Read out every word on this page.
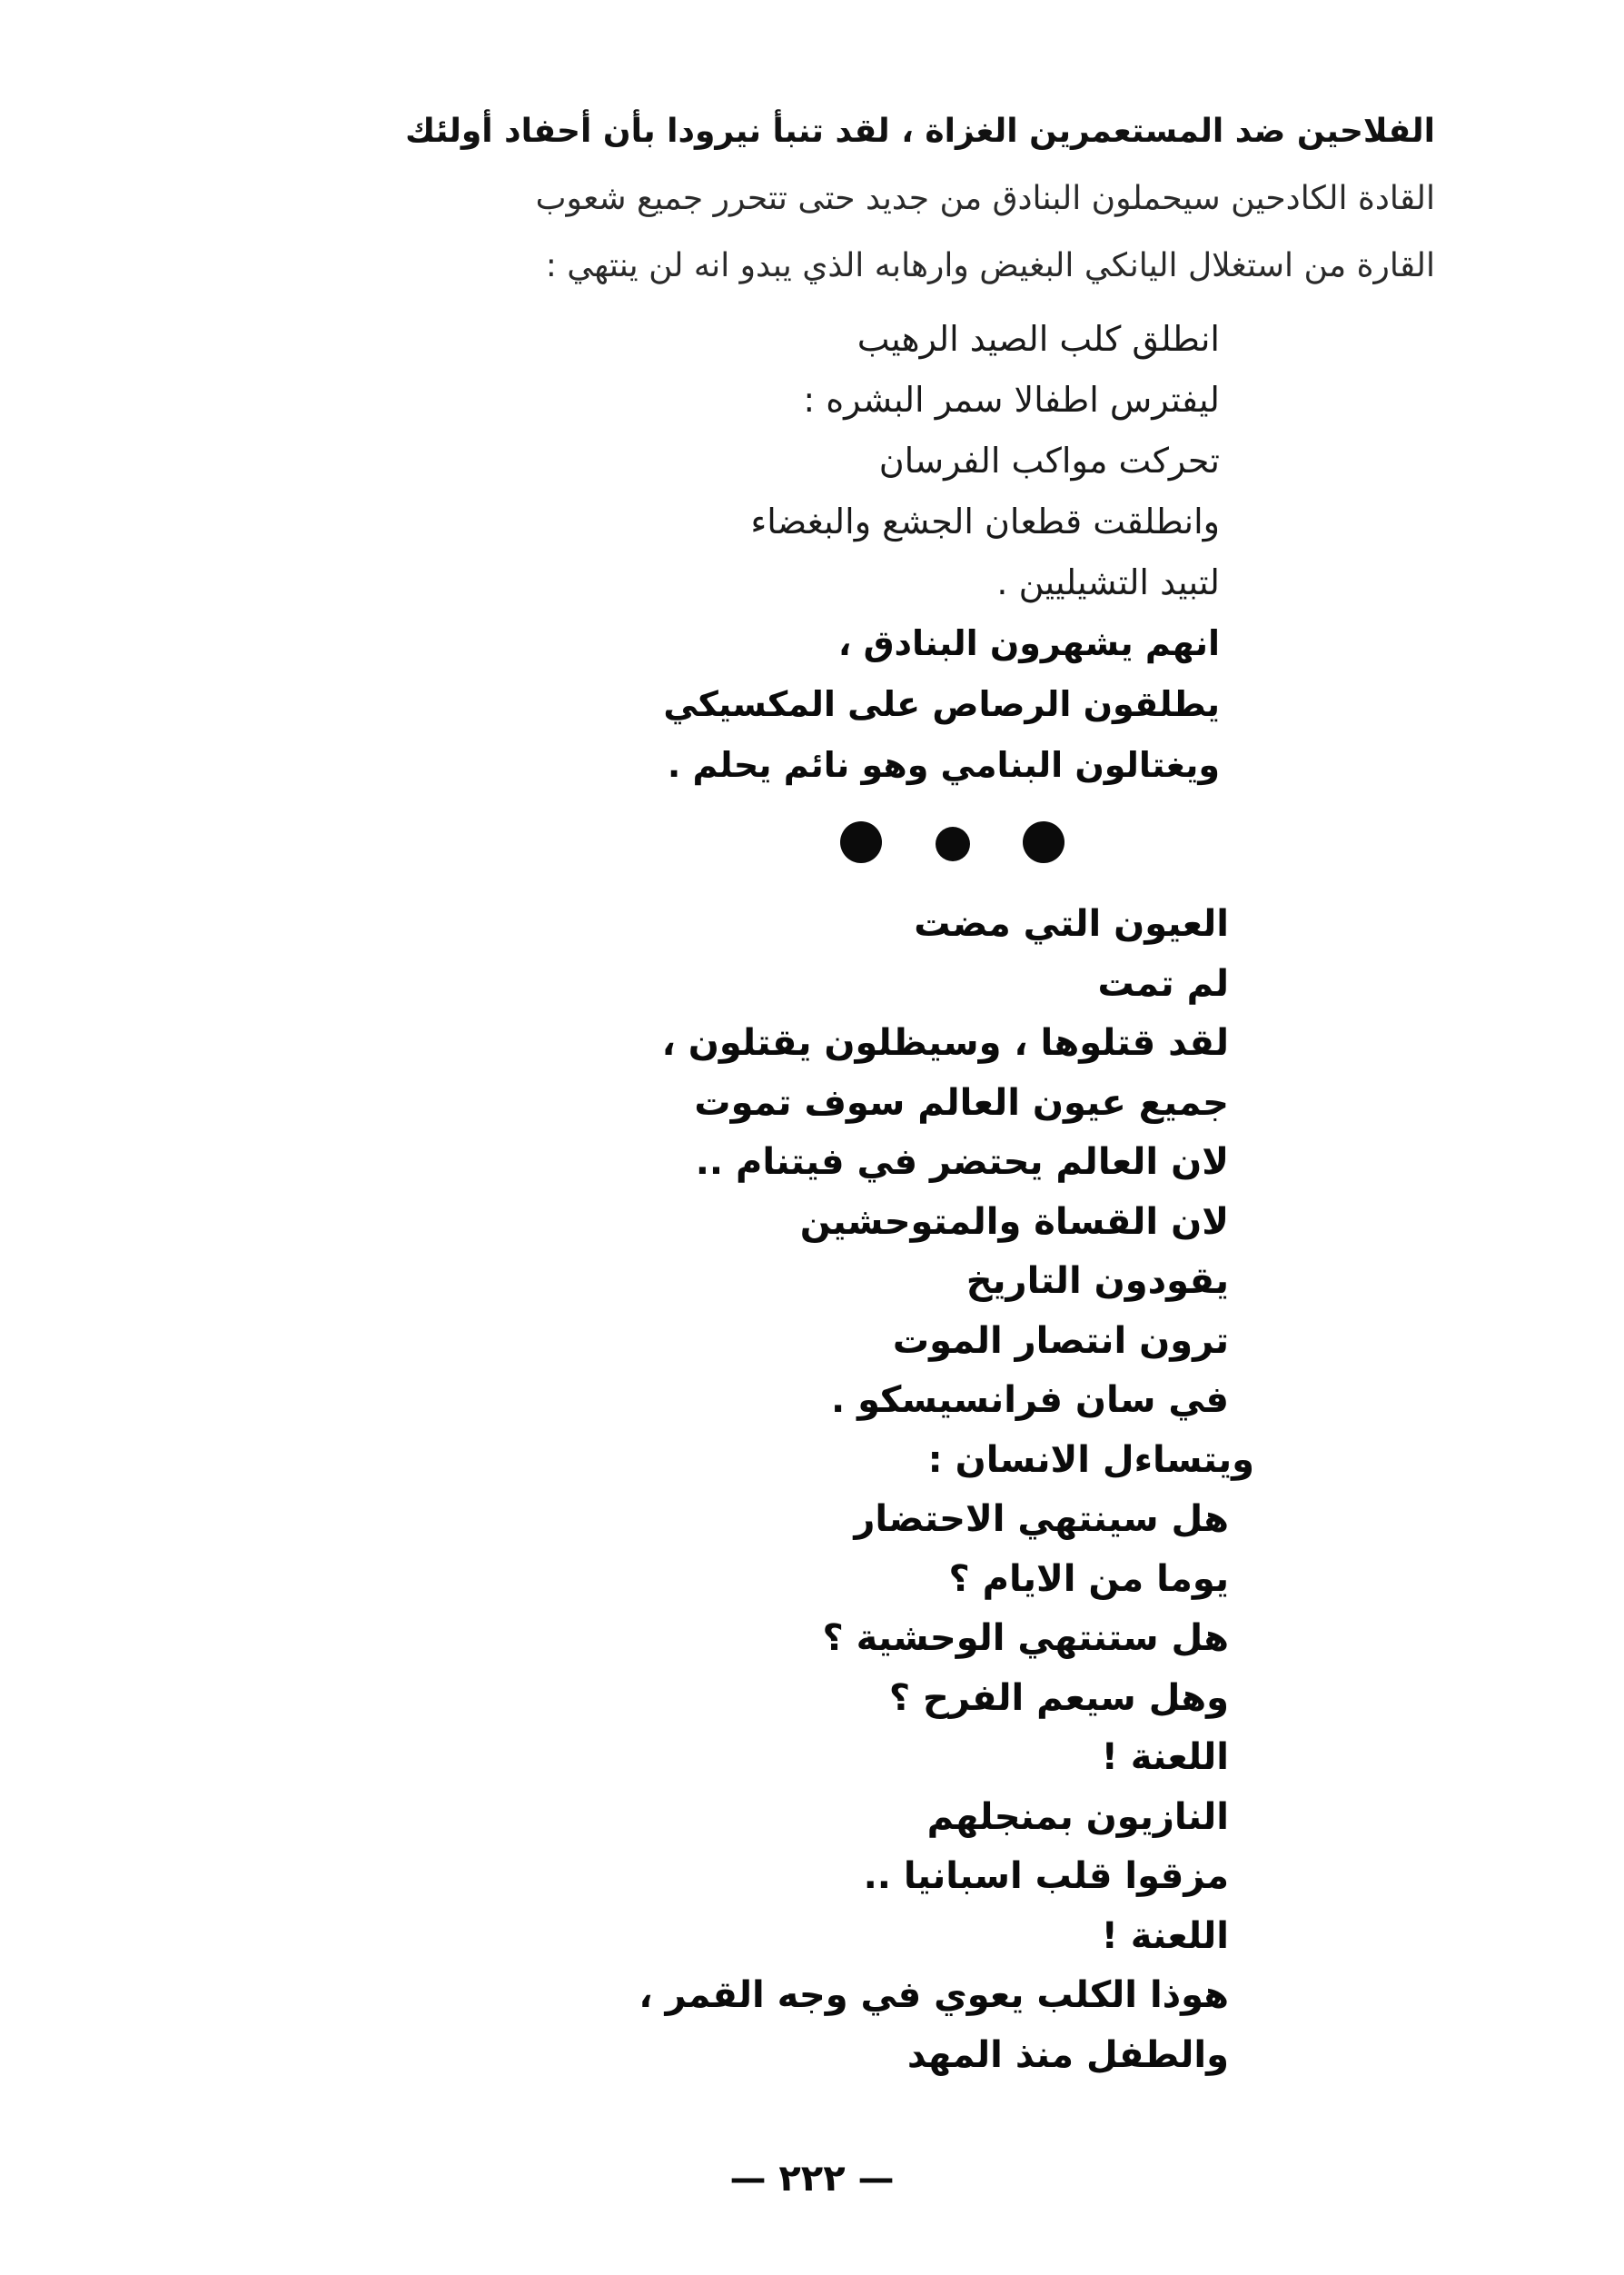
الفلاحين ضد المستعمرين الغزاة ، لقد تنبأ نيرودا بأن أحفاد أولئك
القادة الكادحين سيحملون البنادق من جديد حتى تتحرر جميع شعوب
القارة من استغلال اليانكي البغيض وارهابه الذي يبدو انه لن ينتهي :
انطلق كلب الصيد الرهيب
ليفترس اطفالا سمر البشره :
تحركت مواكب الفرسان
وانطلقت قطعان الجشع والبغضاء
لتبيد التشيليين .
انهم يشهرون البنادق ،
يطلقون الرصاص على المكسيكي
ويغتالون البنامي وهو نائم يحلم .
العيون التي مضت
لم تمت
لقد قتلوها ، وسيظلون يقتلون ،
جميع عيون العالم سوف تموت
لان العالم يحتضر في فيتنام ..
لان القساة والمتوحشين
يقودون التاريخ
ترون انتصار الموت
في سان فرانسيسكو .
ويتساءل الانسان :
هل سينتهي الاحتضار
يوما من الايام ؟
هل ستنتهي الوحشية ؟
وهل سيعم الفرح ؟
اللعنة !
النازيون بمنجلهم
مزقوا قلب اسبانيا ..
اللعنة !
هوذا الكلب يعوي في وجه القمر ،
والطفل منذ المهد
— ٢٢٢ —
